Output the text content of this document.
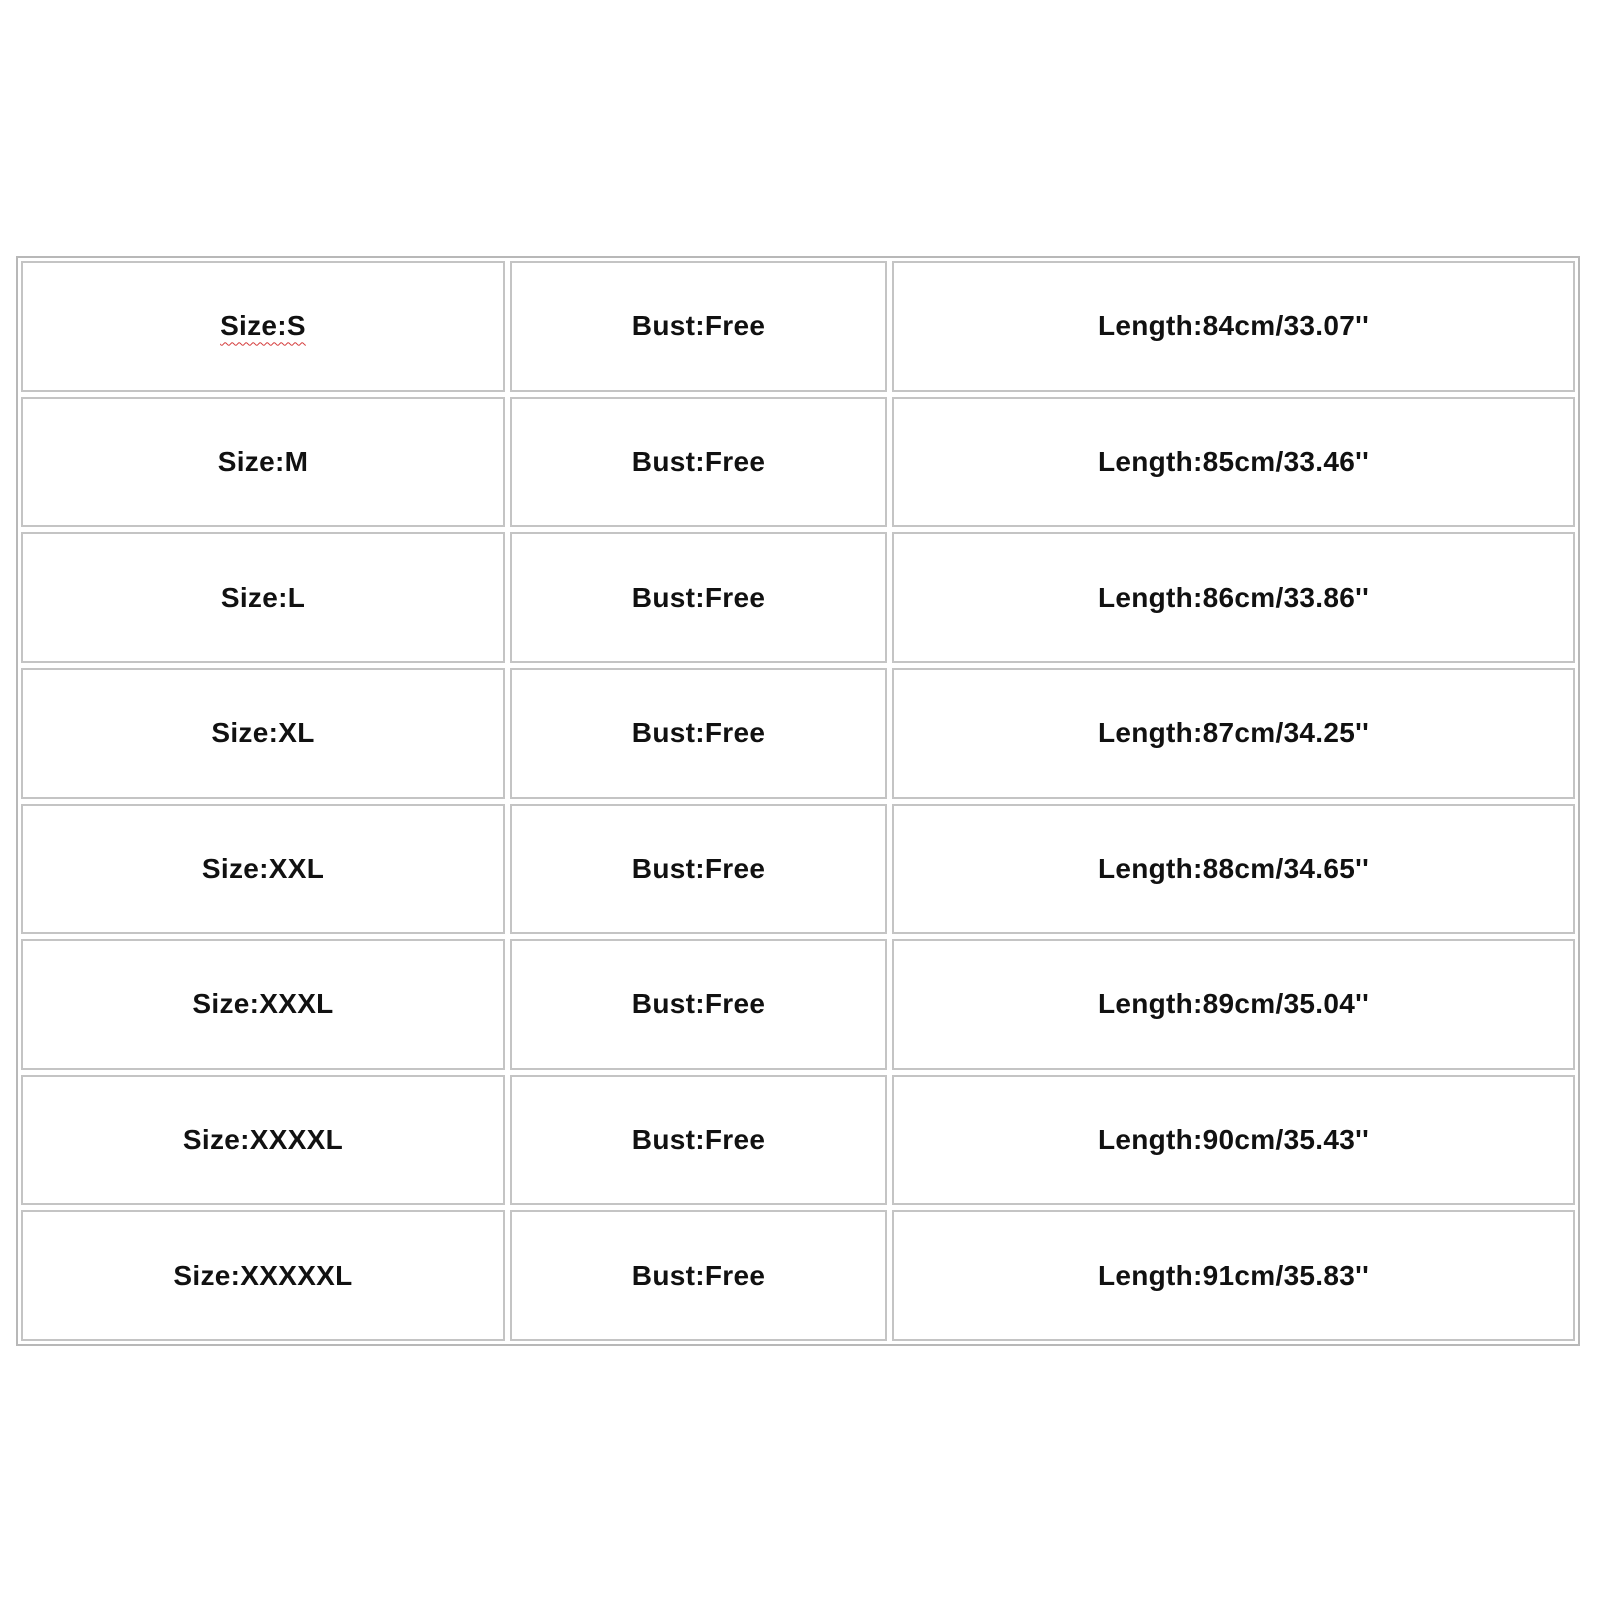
Size:S	Bust:Free	Length:84cm/33.07''
Size:M	Bust:Free	Length:85cm/33.46''
Size:L	Bust:Free	Length:86cm/33.86''
Size:XL	Bust:Free	Length:87cm/34.25''
Size:XXL	Bust:Free	Length:88cm/34.65''
Size:XXXL	Bust:Free	Length:89cm/35.04''
Size:XXXXL	Bust:Free	Length:90cm/35.43''
Size:XXXXXL	Bust:Free	Length:91cm/35.83''
